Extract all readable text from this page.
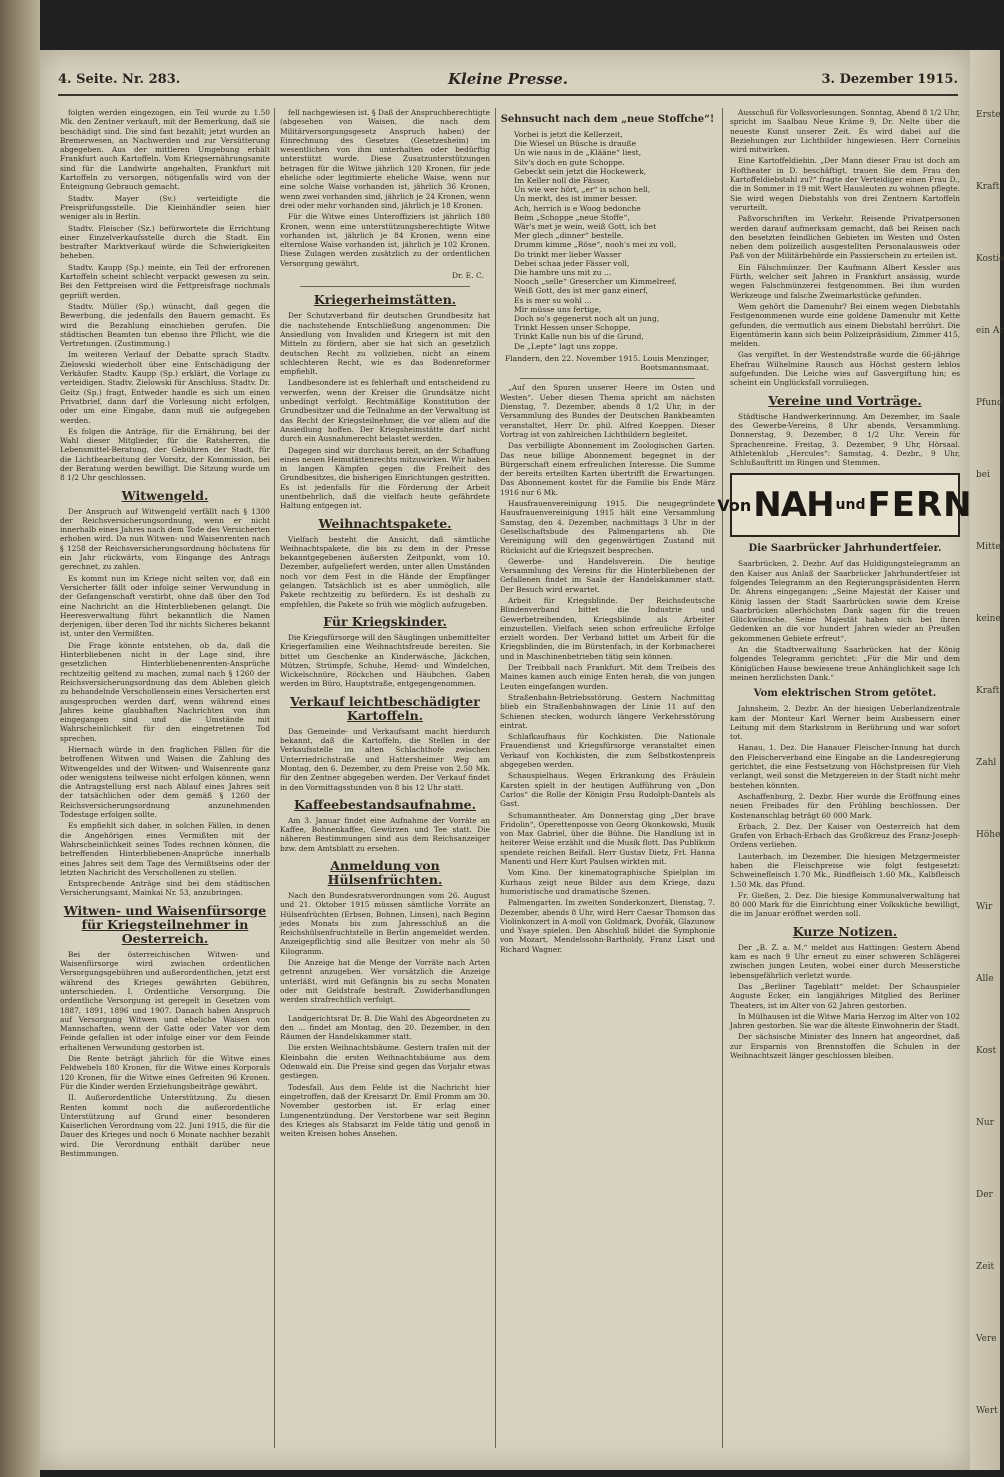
Erste
Kraft
Kostie
ein Ar
Pfund
bei
Mittel
keine
Kraft
Zahl
Höhe
Wir
Alle
Kost
Nur
Der
Zeit
Vere
Wert
4. Seite. Nr. 283.	Kleine Presse.	3. Dezember 1915.

folgten werden eingezogen, ein Teil wurde zu 1.50 Mk. den Zentner verkauft, mit der Bemerkung, daß sie beschädigt sind. Die sind fast bezahlt; jetzt wurden an Bremerwesen, an Nachwerden und zur Versütterung abgegeben. Aus der mittleren Umgebung erhält Frankfurt auch Kartoffeln. Vom Kriegsernährungsamte sind für die Landwirte angehalten, Frankfurt mit Kartoffeln zu versorgen, nötigenfalls wird von der Enteignung Gebrauch gemacht.

Stadtv. Mayer (Sv.) verteidigte die Preisprüfungsstelle. Die Kleinhändler seien hier weniger als in Berlin.

Stadtv. Fleischer (Sz.) befürwortete die Errichtung einer Einzelverkaufsstelle durch die Stadt. Ein bestrafter Marktverkauf würde die Schwierigkeiten beheben.

Stadtv. Kaupp (Sp.) meinte, ein Teil der erfrorenen Kartoffeln scheint schlecht verpackt gewesen zu sein. Bei den Fettpreisen wird die Fettpreisfrage nochmals geprüft werden.

Stadtv. Müller (Sp.) wünscht, daß gegen die Bewerbung, die jedenfalls den Bauern gemacht. Es wird die Bezahlung einschieben gerufen. Die städtischen Beamten tun ebenso ihre Pflicht, wie die Vertretungen. (Zustimmung.)

Im weiteren Verlauf der Debatte sprach Stadtv. Zielowski wiederholt über eine Entschädigung der Verkäufer. Stadtv. Kaupp (Sp.) erklärt, die Vorlage zu verteidigen. Stadtv. Zielowski für Anschluss. Stadtv. Dr. Geitz (Sp.) fragt, Entweder handle es sich um einen Privatbrief, dann darf die Vorlesung nicht erfolgen, oder um eine Eingabe, dann muß sie aufgegeben werden.

Es folgen die Anträge, für die Ernährung, bei der Wahl dieser Mitglieder, für die Ratsherren, die Lebensmittel-Beratung, der Gebühren der Stadt, für die Lichtbearbeitung der Vorsitz, der Kommission, bei der Beratung werden bewilligt. Die Sitzung wurde um 8 1/2 Uhr geschlossen.

Witwengeld.

Der Anspruch auf Witwengeld verfällt nach § 1300 der Reichsversicherungsordnung, wenn er nicht innerhalb eines Jahres nach dem Tode des Versicherten erhoben wird. Da nun Witwen- und Waisenrenten nach § 1258 der Reichsversicherungsordnung höchstens für ein Jahr rückwärts, vom Eingange des Antrags gerechnet, zu zahlen.

Es kommt nun im Kriege nicht selten vor, daß ein Versicherter fällt oder infolge seiner Verwundung in der Gefangenschaft verstirbt, ohne daß über den Tod eine Nachricht an die Hinterbliebenen gelangt. Die Heeresverwaltung führt bekanntlich die Namen derjenigen, über deren Tod ihr nichts Sicheres bekannt ist, unter den Vermißten.

Die Frage könnte entstehen, ob da, daß die Hinterbliebenen nicht in der Lage sind, ihre gesetzlichen Hinterbliebenenrenten-Ansprüche rechtzeitig geltend zu machen, zumal nach § 1260 der Reichsversicherungsordnung das dem Ableben gleich zu behandelnde Verschollensein eines Versicherten erst ausgesprochen werden darf, wenn während eines Jahres keine glaubhaften Nachrichten von ihm eingegangen sind und die Umstände mit Wahrscheinlichkeit für den eingetretenen Tod sprechen.

Hiernach würde in den fraglichen Fällen für die betroffenen Witwen und Waisen die Zahlung des Witwengeldes und der Witwen- und Waisenrente ganz oder wenigstens teilweise nicht erfolgen können, wenn die Antragstellung erst nach Ablauf eines Jahres seit der tatsächlichen oder dem gemäß § 1260 der Reichsversicherungsordnung anzunehmenden Todestage erfolgen sollte.

Es empfiehlt sich daher, in solchen Fällen, in denen die Angehörigen eines Vermißten mit der Wahrscheinlichkeit seines Todes rechnen können, die betreffenden Hinterbliebenen-Ansprüche innerhalb eines Jahres seit dem Tage des Vermißtseins oder der letzten Nachricht des Verschollenen zu stellen.

Entsprechende Anträge sind bei dem städtischen Versicherungsamt, Mainkai Nr. 53, anzubringen.

Witwen- und Waisenfürsorge für Kriegsteilnehmer in Oesterreich.

Bei der österreichischen Witwen- und Waisenfürsorge wird zwischen ordentlichen Versorgungsgebühren und außerordentlichen, jetzt erst während des Krieges gewährten Gebühren, unterschieden. I. Ordentliche Versorgung. Die ordentliche Versorgung ist geregelt in Gesetzen vom 1887, 1891, 1896 und 1907. Danach haben Anspruch auf Versorgung Witwen und eheliche Waisen von Mannschaften, wenn der Gatte oder Vater vor dem Feinde gefallen ist oder infolge einer vor dem Feinde erhaltenen Verwundung gestorben ist.

Die Rente beträgt jährlich für die Witwe eines Feldwebels 180 Kronen, für die Witwe eines Korporals 120 Kronen, für die Witwe eines Gefreiten 96 Kronen. Für die Kinder werden Erziehungsbeiträge gewährt.

II. Außerordentliche Unterstützung. Zu diesen Renten kommt noch die außerordentliche Unterstützung auf Grund einer besonderen Kaiserlichen Verordnung vom 22. Juni 1915, die für die Dauer des Krieges und noch 6 Monate nachher bezahlt wird. Die Verordnung enthält darüber neue Bestimmungen.

fell nachgewiesen ist. § Daß der Anspruchberechtigte (abgesehen von Waisen, die nach dem Militärversorgungsgesetz Anspruch haben) der Einrechnung des Gesetzes (Gesetzesheim) im wesentlichen von ihm unterhalten oder bedürftig unterstützt wurde. Diese Zusatzunterstützungen betragen für die Witwe jährlich 120 Kronen, für jede eheliche oder legitimierte eheliche Waise, wenn nur eine solche Waise vorhanden ist, jährlich 36 Kronen, wenn zwei vorhanden sind, jährlich je 24 Kronen, wenn drei oder mehr vorhanden sind, jährlich je 18 Kronen.

Für die Witwe eines Unteroffiziers ist jährlich 180 Kronen, wenn eine unterstützungsberechtigte Witwe vorhanden ist, jährlich je 84 Kronen, wenn eine elternlose Waise vorhanden ist, jährlich je 102 Kronen. Diese Zulagen werden zusätzlich zu der ordentlichen Versorgung gewährt.

Dr. E. C.
Kriegerheimstätten.

Der Schutzverband für deutschen Grundbesitz hat die nachstehende Entschließung angenommen: Die Ansiedlung von Invaliden und Kriegern ist mit den Mitteln zu fördern, aber sie hat sich an gesetzlich deutschen Recht zu vollziehen, nicht an einem schlechteren Recht, wie es das Bodenreformer empfiehlt.

Landbesondere ist es fehlerhaft und entscheidend zu verwerfen, wenn der Kreiser die Grundsätze nicht unbedingt verfolgt. Rechtmäßige Konstitution der Grundbesitzer und die Teilnahme an der Verwaltung ist das Recht der Kriegsteilnehmer, die vor allem auf die Ansiedlung hoffen. Der Kriegsheimstätte darf nicht durch ein Ausnahmerecht belastet werden.

Dagegen sind wir durchaus bereit, an der Schaffung eines neuen Heimstättenrechts mitzuwirken. Wir haben in langen Kämpfen gegen die Freiheit des Grundbesitzes, die bisherigen Einrichtungen gestritten. Es ist jedenfalls für die Förderung der Arbeit unentbehrlich, daß die vielfach heute gefährdete Haltung entgegen ist.

Weihnachtspakete.

Vielfach besteht die Ansicht, daß sämtliche Weihnachtspakete, die bis zu dem in der Presse bekanntgegebenen äußersten Zeitpunkt, vom 10. Dezember, aufgeliefert werden, unter allen Umständen noch vor dem Fest in die Hände der Empfänger gelangen. Tatsächlich ist es aber unmöglich, alle Pakete rechtzeitig zu befördern. Es ist deshalb zu empfehlen, die Pakete so früh wie möglich aufzugeben.

Für Kriegskinder.

Die Kriegsfürsorge will den Säuglingen unbemittelter Kriegerfamilien eine Weihnachtsfreude bereiten. Sie bittet um Geschenke an Kinderwäsche, Jäckchen, Mützen, Strümpfe, Schuhe, Hemd- und Windelchen, Wickelschnüre, Röckchen und Häubchen. Gaben werden im Büro, Hauptstraße, entgegengenommen.

Verkauf leichtbeschädigter Kartoffeln.

Das Gemeinde- und Verkaufsamt macht hierdurch bekannt, daß die Kartoffeln, die Stellen in der Verkaufsstelle im alten Schlachthofe zwischen Unterriedrichstraße und Hattersheimer Weg am Montag, den 6. Dezember, zu dem Preise von 2.50 Mk. für den Zentner abgegeben werden. Der Verkauf findet in den Vormittagsstunden von 8 bis 12 Uhr statt.

Kaffeebestandsaufnahme.

Am 3. Januar findet eine Aufnahme der Vorräte an Kaffee, Bohnenkaffee, Gewürzen und Tee statt. Die näheren Bestimmungen sind aus dem Reichsanzeiger bzw. dem Amtsblatt zu ersehen.

Anmeldung von Hülsenfrüchten.

Nach den Bundesratsverordnungen vom 26. August und 21. Oktober 1915 müssen sämtliche Vorräte an Hülsenfrüchten (Erbsen, Bohnen, Linsen), nach Beginn jedes Monats bis zum Jahresschluß an die Reichshülsenfruchtstelle in Berlin angemeldet werden. Anzeigepflichtig sind alle Besitzer von mehr als 50 Kilogramm.

Die Anzeige hat die Menge der Vorräte nach Arten getrennt anzugeben. Wer vorsätzlich die Anzeige unterläßt, wird mit Gefängnis bis zu sechs Monaten oder mit Geldstrafe bestraft. Zuwiderhandlungen werden strafrechtlich verfolgt.

Landgerichtsrat Dr. B. Die Wahl des Abgeordneten zu den ... findet am Montag, den 20. Dezember, in den Räumen der Handelskammer statt.

Die ersten Weihnachtsbäume. Gestern trafen mit der Kleinbahn die ersten Weihnachtsbäume aus dem Odenwald ein. Die Preise sind gegen das Vorjahr etwas gestiegen.

Todesfall. Aus dem Felde ist die Nachricht hier eingetroffen, daß der Kreisarzt Dr. Emil Fromm am 30. November gestorben ist. Er erlag einer Lungenentzündung. Der Verstorbene war seit Beginn des Krieges als Stabsarzt im Felde tätig und genoß in weiten Kreisen hohes Ansehen.

Sehnsucht nach dem „neue Stoffche“!
Vorbei is jetzt die Kellerzeit,
Die Wiesel un Büsche is drauße
Un wie naus in de „Klääne“ liest,
Silv's doch en gute Schoppe.
Gebeckt sein jetzt die Hockewerk,
Im Keller noll die Fässer,
Un wie wer hört, „er“ is schon hell,
Un merkt, des ist immer besser.
Ach, herrich is e Woog bedonche
Beim „Schoppe „neue Stoffe“,
Wär's met je wein, weiß Gott, ich bet
Mer glech „dinner“ bestelle.
Drumm kimme „Röse“, nooh's mei zu voll,
Do trinkt mer lieber Wasser
Debei schaa jeder Fässer voll,
Die hambre uns mit zu ...
Nooch „selle“ Gresercher um Kimmelreef,
Weiß Gott, des ist mer ganz einerf,
Es is mer su wohl ...
Mir müsse uns fertige,
Doch so's gegenerst noch alt un jung,
Trinkt Hessen unser Schoppe,
Trinkt Kalle nun bis uf die Grund,
De „Lepte“ lagt uns zoppe.
Flandern, den 22. November 1915. Louis Menzinger, Bootsmannsmaat.

„Auf den Spuren unserer Heere im Osten und Westen“. Ueber diesen Thema spricht am nächsten Dienstag, 7. Dezember, abends 8 1/2 Uhr, in der Versammlung des Bundes der Deutschen Bankbeamten veranstaltet, Herr Dr. phil. Alfred Koeppen. Dieser Vortrag ist von zahlreichen Lichtbildern begleitet.

Das verbilligte Abonnement im Zoologischen Garten. Das neue billige Abonnement begegnet in der Bürgerschaft einem erfreulichen Interesse. Die Summe der bereits erteilten Karten übertrifft die Erwartungen. Das Abonnement kostet für die Familie bis Ende März 1916 nur 6 Mk.

Hausfrauenvereinigung 1915. Die neugegründete Hausfrauenvereinigung 1915 hält eine Versammlung Samstag, den 4. Dezember, nachmittags 3 Uhr in der Gesellschaftsbude des Palmengartens ab. Die Vereinigung will den gegenwärtigen Zustand mit Rücksicht auf die Kriegszeit besprechen.

Gewerbe- und Handelsverein. Die heutige Versammlung des Vereins für die Hinterbliebenen der Gefallenen findet im Saale der Handelskammer statt. Der Besuch wird erwartet.

Arbeit für Kriegsblinde. Der Reichsdeutsche Blindenverband bittet die Industrie und Gewerbetreibenden, Kriegsblinde als Arbeiter einzustellen. Vielfach seien schon erfreuliche Erfolge erzielt worden. Der Verband bittet um Arbeit für die Kriegsblinden, die im Bürstenfach, in der Korbmacherei und in Maschinenbetrieben tätig sein können.

Der Treibball nach Frankfurt. Mit dem Treibeis des Maines kamen auch einige Enten herab, die von jungen Leuten eingefangen wurden.

Straßenbahn-Betriebsstörung. Gestern Nachmittag blieb ein Straßenbahnwagen der Linie 11 auf den Schienen stecken, wodurch längere Verkehrsstörung eintrat.

Schlafkaufhaus für Kochkisten. Die Nationale Frauendienst und Kriegsfürsorge veranstaltet einen Verkauf von Kochkisten, die zum Selbstkostenpreis abgegeben werden.

Schauspielhaus. Wegen Erkrankung des Fräulein Karsten spielt in der heutigen Aufführung von „Don Carlos“ die Rolle der Königin Frau Rudolph-Dantels als Gast.

Schumanntheater. Am Donnerstag ging „Der brave Fridolin“, Operettenposse von Georg Okonkowski, Musik von Max Gabriel, über die Bühne. Die Handlung ist in heiterer Weise erzählt und die Musik flott. Das Publikum spendete reichen Beifall. Herr Gustav Dietz, Frl. Hanna Manenti und Herr Kurt Paulsen wirkten mit.

Vom Kino. Der kinematographische Spielplan im Kurhaus zeigt neue Bilder aus dem Kriege, dazu humoristische und dramatische Szenen.

Palmengarten. Im zweiten Sonderkonzert, Dienstag, 7. Dezember, abends 8 Uhr, wird Herr Caesar Thomson das Violinkonzert in A-moll von Goldmark, Dvořák, Glazunow und Ysaye spielen. Den Abschluß bildet die Symphonie von Mozart, Mendelssohn-Bartholdy, Franz Liszt und Richard Wagner.

Ausschuß für Volksvorlesungen. Sonntag, Abend 8 1/2 Uhr, spricht im Saalbau Neue Kräme 9, Dr. Nelte über die neueste Kunst unserer Zeit. Es wird dabei auf die Beziehungen zur Lichtbilder hingewiesen. Herr Cornelius wird mitwirken.

Eine Kartoffeldiebin. „Der Mann dieser Frau ist doch am Hoftheater in D. beschäftigt, trauen Sie dem Frau den Kartoffeldiebstahl zu?“ fragte der Verteidiger einen Frau D., die in Sommer in 19 mit Wert Hausleuten zu wohnen pflegte. Sie wird wegen Diebstahls von drei Zentnern Kartoffeln verurteilt.

Paßvorschriften im Verkehr. Reisende Privatpersonen werden darauf aufmerksam gemacht, daß bei Reisen nach den besetzten feindlichen Gebieten im Westen und Osten neben dem polizeilich ausgestellten Personalausweis oder Paß von der Militärbehörde ein Passierschein zu erteilen ist.

Ein Fälschmünzer. Der Kaufmann Albert Kessler aus Fürth, welcher seit Jahren in Frankfurt ansässig, wurde wegen Falschmünzerei festgenommen. Bei ihm wurden Werkzeuge und falsche Zweimarkstücke gefunden.

Wem gehört die Damenuhr? Bei einem wegen Diebstahls Festgenommenen wurde eine goldene Damenuhr mit Kette gefunden, die vermutlich aus einem Diebstahl herrührt. Die Eigentümerin kann sich beim Polizeipräsidium, Zimmer 415, melden.

Gas vergiftet. In der Westendstraße wurde die 66-jährige Ehefrau Wilhelmine Rausch aus Höchst gestern leblos aufgefunden. Die Leiche wies auf Gasvergiftung hin; es scheint ein Unglücksfall vorzuliegen.

Vereine und Vorträge.

Städtische Handwerkerinnung. Am Dezember, im Saale des Gewerbe-Vereins, 8 Uhr abends, Versammlung. Donnerstag, 9. Dezember, 8 1/2 Uhr. Verein für Sprachenreine. Freitag, 3. Dezember, 9 Uhr, Hörsaal. Athletenklub „Hercules“: Samstag, 4. Dezbr., 9 Uhr, Schlußauftritt im Ringen und Stemmen.

Von NAH und FERN
Die Saarbrücker Jahrhundertfeier.

Saarbrücken, 2. Dezbr. Auf das Huldigungstelegramm an den Kaiser aus Anlaß der Saarbrücker Jahrhundertfeier ist folgendes Telegramm an den Regierungspräsidenten Herrn Dr. Ahrens eingegangen: „Seine Majestät der Kaiser und König lassen der Stadt Saarbrücken sowie dem Kreise Saarbrücken allerhöchsten Dank sagen für die treuen Glückwünsche. Seine Majestät haben sich bei ihren Gedenken an die vor hundert Jahren wieder an Preußen gekommenen Gebiete erfreut“.

An die Stadtverwaltung Saarbrücken hat der König folgendes Telegramm gerichtet: „Für die Mir und dem Königlichen Hause bewiesene treue Anhänglichkeit sage Ich meinen herzlichsten Dank.“

Vom elektrischen Strom getötet.

Jahnsheim, 2. Dezbr. An der hiesigen Ueberlandzentrale kam der Monteur Karl Werner beim Ausbessern einer Leitung mit dem Starkstrom in Berührung und war sofort tot.

Hanau, 1. Dez. Die Hanauer Fleischer-Innung hat durch den Fleischerverband eine Eingabe an die Landesregierung gerichtet, die eine Festsetzung von Höchstpreisen für Vieh verlangt, weil sonst die Metzgereien in der Stadt nicht mehr bestehen könnten.

Aschaffenburg, 2. Dezbr. Hier wurde die Eröffnung eines neuen Freibades für den Frühling beschlossen. Der Kostenanschlag beträgt 60 000 Mark.

Erbach, 2. Dez. Der Kaiser von Oesterreich hat dem Grafen von Erbach-Erbach das Großkreuz des Franz-Joseph-Ordens verliehen.

Lauterbach, im Dezember. Die hiesigen Metzgermeister haben die Fleischpreise wie folgt festgesetzt: Schweinefleisch 1.70 Mk., Rindfleisch 1.60 Mk., Kalbfleisch 1.50 Mk. das Pfund.

Fr. Gießen, 2. Dez. Die hiesige Kommunalverwaltung hat 80 000 Mark für die Einrichtung einer Volksküche bewilligt, die im Januar eröffnet werden soll.

Kurze Notizen.

Der „B. Z. a. M.“ meldet aus Hattingen: Gestern Abend kam es nach 9 Uhr erneut zu einer schweren Schlägerei zwischen jungen Leuten, wobei einer durch Messerstiche lebensgefährlich verletzt wurde.

Das „Berliner Tageblatt“ meldet: Der Schauspieler Auguste Ecker, ein langjähriges Mitglied des Berliner Theaters, ist im Alter von 62 Jahren gestorben.

In Mülhausen ist die Witwe Maria Herzog im Alter von 102 Jahren gestorben. Sie war die älteste Einwohnerin der Stadt.

Der sächsische Minister des Innern hat angeordnet, daß zur Ersparnis von Brennstoffen die Schulen in der Weihnachtszeit länger geschlossen bleiben.
